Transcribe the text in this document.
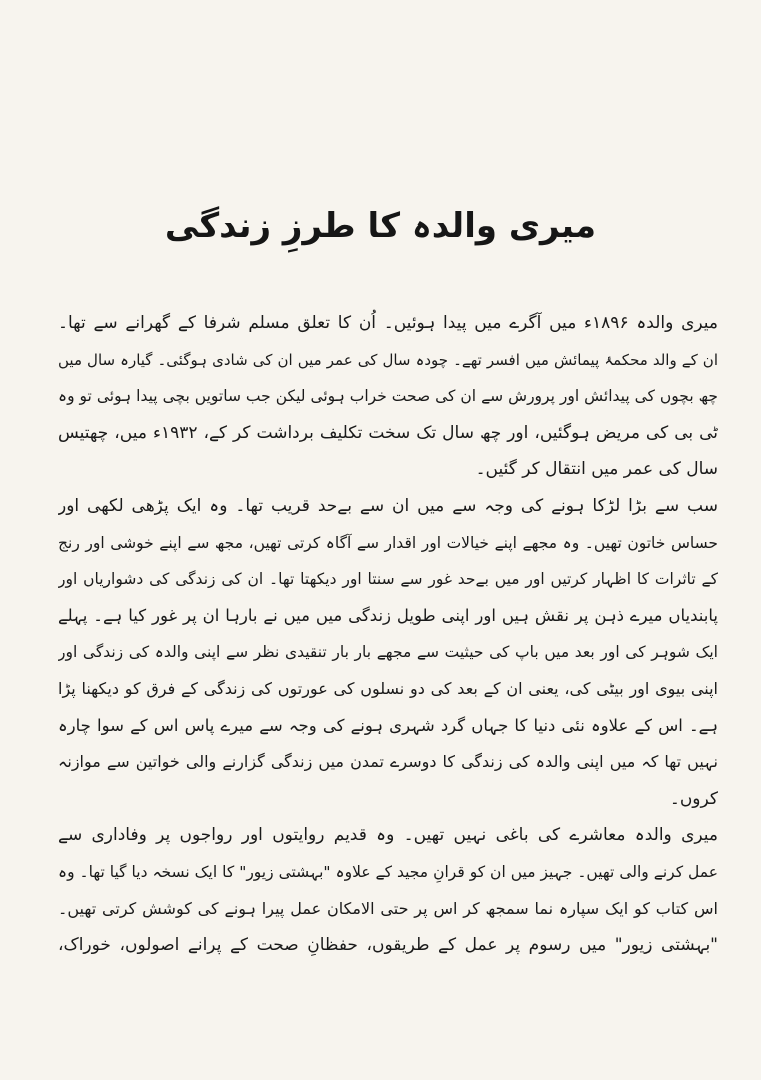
میری والدہ کا طرزِ زندگی
میری والدہ ۱۸۹۶ء میں آگرے میں پیدا ہوئیں۔ اُن کا تعلق مسلم شرفا کے گھرانے سے تھا۔
ان کے والد محکمۂ پیمائش میں افسر تھے۔ چودہ سال کی عمر میں ان کی شادی ہوگئی۔ گیارہ سال میں
چھ بچوں کی پیدائش اور پرورش سے ان کی صحت خراب ہوئی لیکن جب ساتویں بچی پیدا ہوئی تو وہ
ٹی بی کی مریض ہوگئیں، اور چھ سال تک سخت تکلیف برداشت کر کے، ۱۹۳۲ء میں، چھتیس
سال کی عمر میں انتقال کر گئیں۔
سب سے بڑا لڑکا ہونے کی وجہ سے میں ان سے بےحد قریب تھا۔ وہ ایک پڑھی لکھی اور
حساس خاتون تھیں۔ وہ مجھے اپنے خیالات اور اقدار سے آگاہ کرتی تھیں، مجھ سے اپنے خوشی اور رنج
کے تاثرات کا اظہار کرتیں اور میں بےحد غور سے سنتا اور دیکھتا تھا۔ ان کی زندگی کی دشواریاں اور
پابندیاں میرے ذہن پر نقش ہیں اور اپنی طویل زندگی میں میں نے بارہا ان پر غور کیا ہے۔ پہلے
ایک شوہر کی اور بعد میں باپ کی حیثیت سے مجھے بار بار تنقیدی نظر سے اپنی والدہ کی زندگی اور
اپنی بیوی اور بیٹی کی، یعنی ان کے بعد کی دو نسلوں کی عورتوں کی زندگی کے فرق کو دیکھنا پڑا
ہے۔ اس کے علاوہ نئی دنیا کا جہاں گرد شہری ہونے کی وجہ سے میرے پاس اس کے سوا چارہ
نہیں تھا کہ میں اپنی والدہ کی زندگی کا دوسرے تمدن میں زندگی گزارنے والی خواتین سے موازنہ
کروں۔
میری والدہ معاشرے کی باغی نہیں تھیں۔ وہ قدیم روایتوں اور رواجوں پر وفاداری سے
عمل کرنے والی تھیں۔ جہیز میں ان کو قرانِ مجید کے علاوہ "بہشتی زیور" کا ایک نسخہ دیا گیا تھا۔ وہ
اس کتاب کو ایک سپارہ نما سمجھ کر اس پر حتی الامکان عمل پیرا ہونے کی کوشش کرتی تھیں۔
"بہشتی زیور" میں رسوم پر عمل کے طریقوں، حفظانِ صحت کے پرانے اصولوں، خوراک،
